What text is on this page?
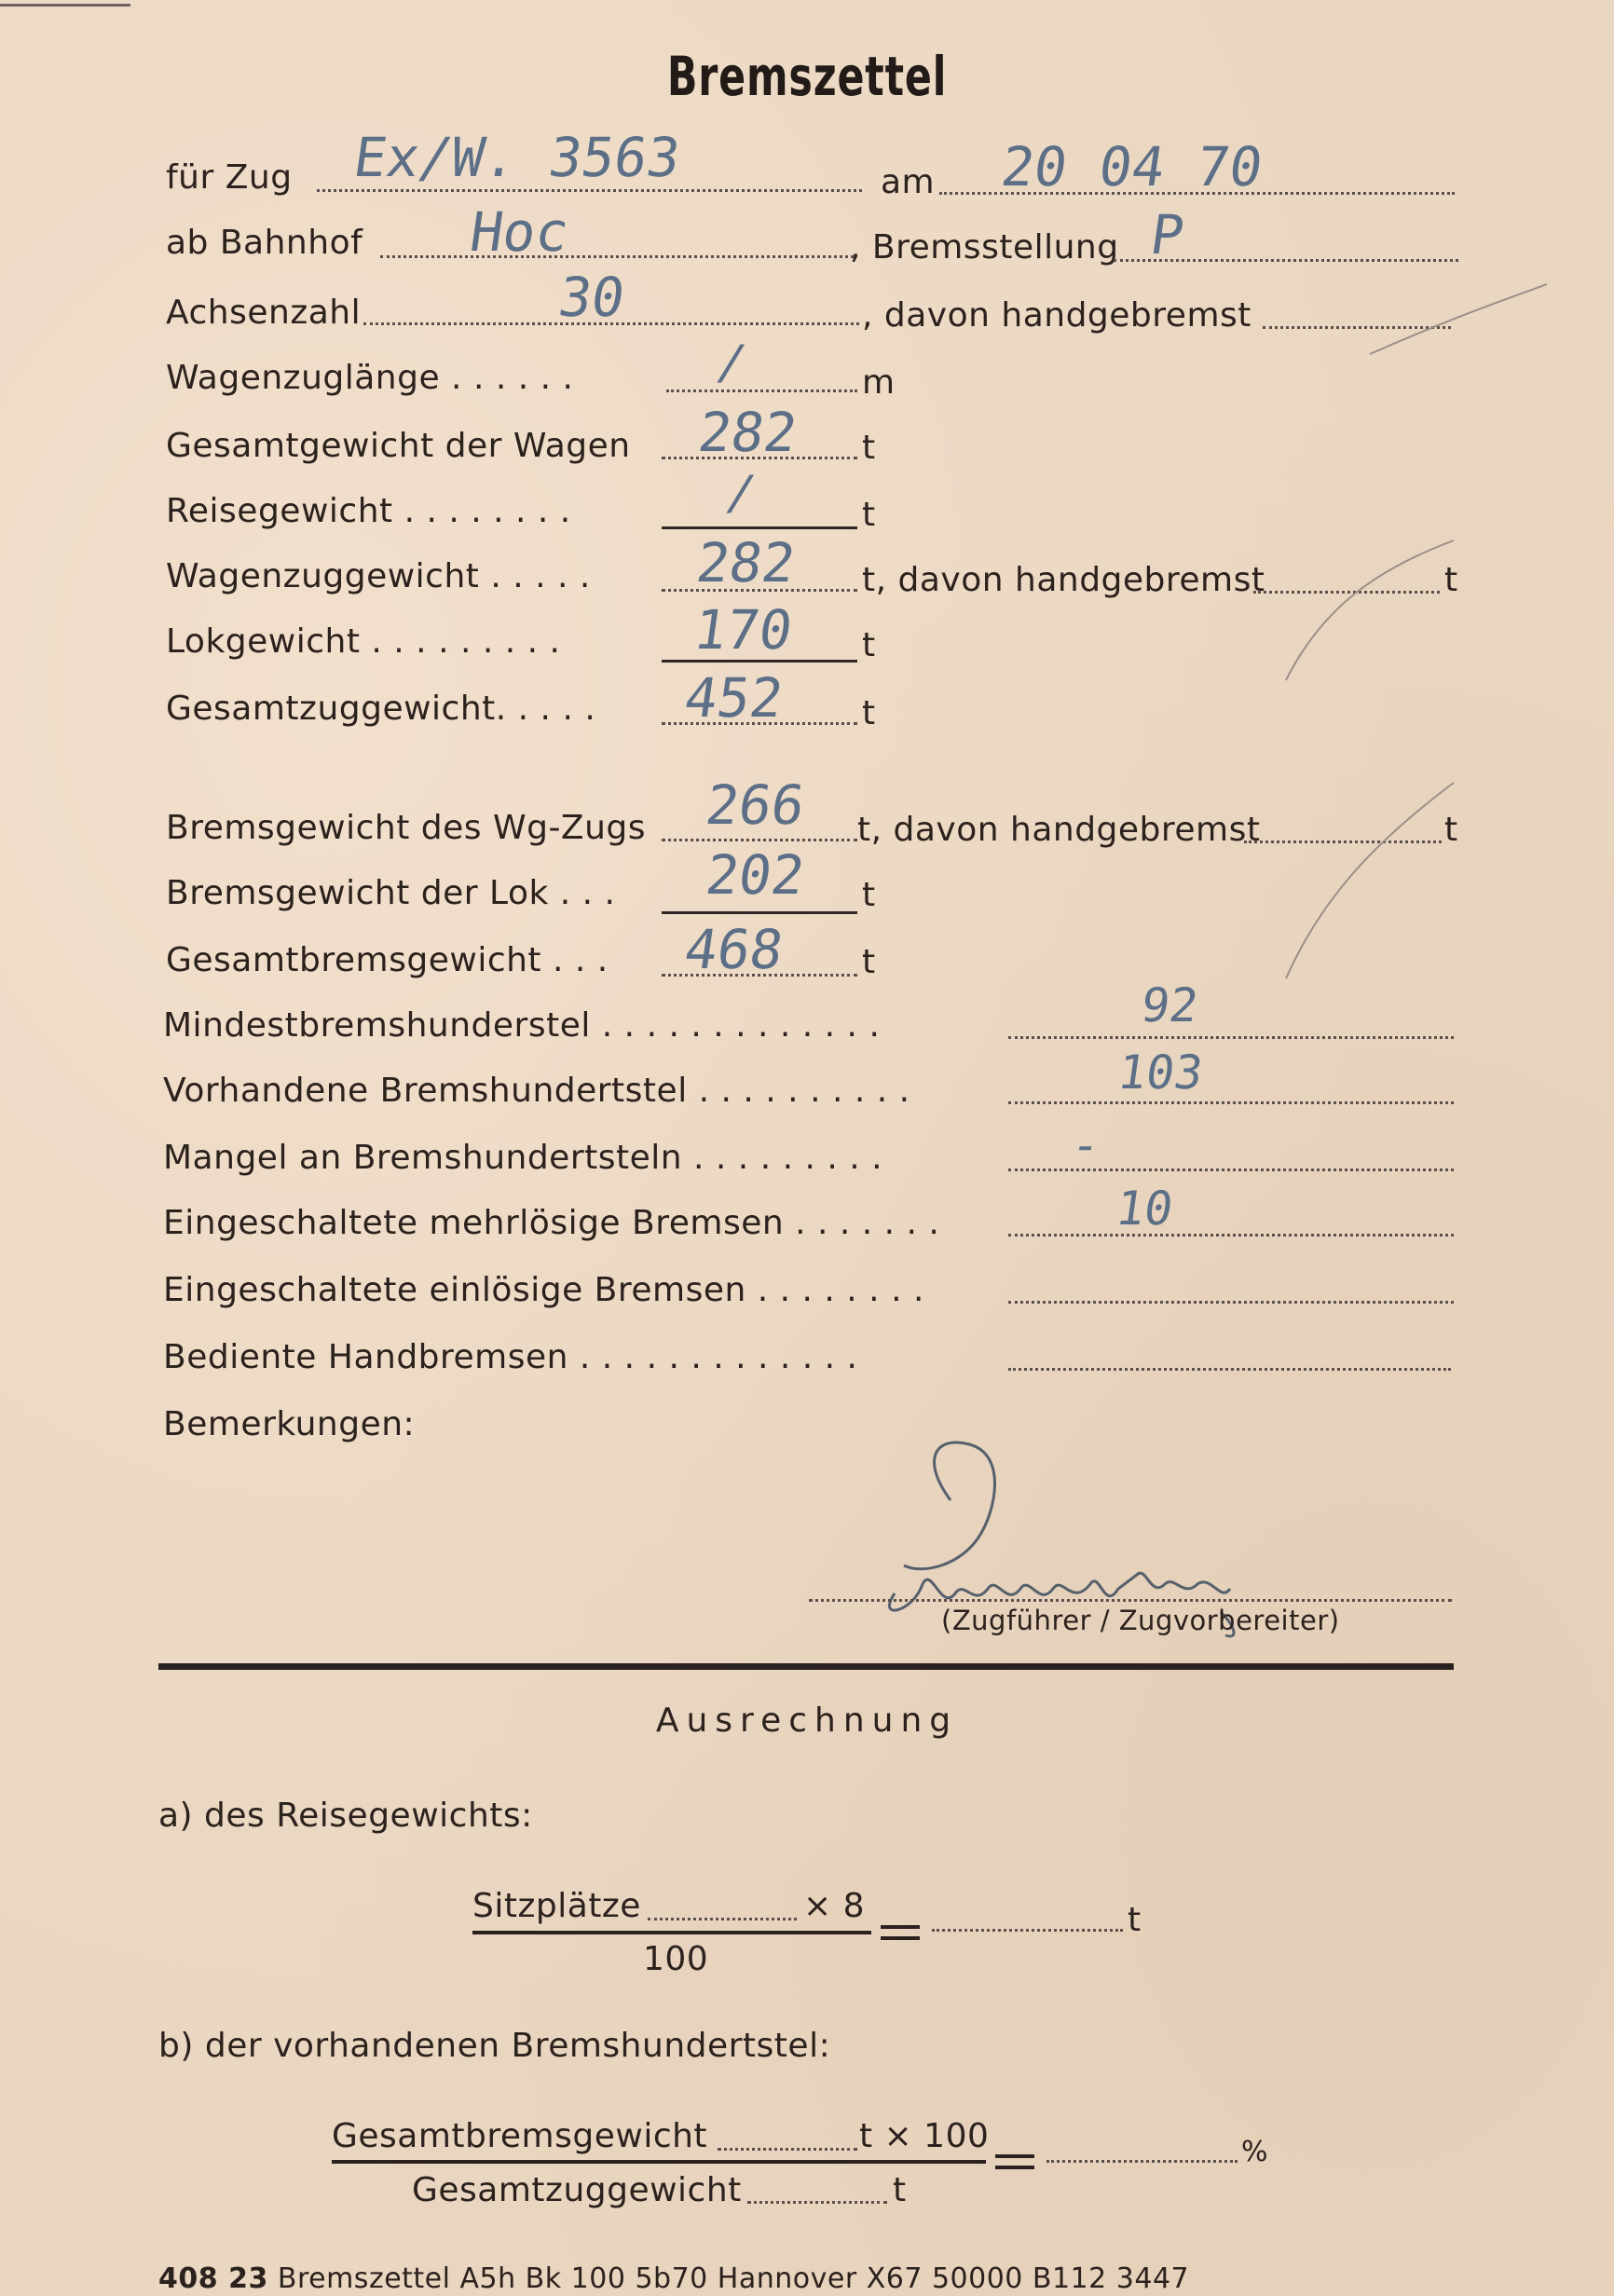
Bremszettel
für Zug Ex/W. 3563	am 20 04 70
ab Bahnhof Hoc	, Bremsstellung P
Achsenzahl	30	, davon handgebremst
Wagenzuglänge . . . . . .	/	m
Gesamtgewicht der Wagen 282 t
Reisegewicht . . . . . . . .	/	t
Wagenzuggewicht . . . . . 282 t, davon handgebremst	t
Lokgewicht . . . . . . . . . 170 t
Gesamtzuggewicht. . . . . 452 t
Bremsgewicht des Wg-Zugs 266 t, davon handgebremst	t
Bremsgewicht der Lok . . . 202 t
Gesamtbremsgewicht . . . 468 t
Mindestbremshunderstel . . . . . . . . . . . . .	92
Vorhandene Bremshundertstel . . . . . . . . . .	103
Mangel an Bremshundertsteln . . . . . . . . .	-
Eingeschaltete mehrlösige Bremsen . . . . . . .	10
Eingeschaltete einlösige Bremsen . . . . . . . .
Bediente Handbremsen . . . . . . . . . . . . .
Bemerkungen:
(Zugführer / Zugvorbereiter)
Ausrechnung
a) des Reisegewichts:
Sitzplätze	× 8
100
t
b) der vorhandenen Bremshundertstel:
Gesamtbremsgewicht	t × 100
Gesamtzuggewicht	t
%
408 23 Bremszettel A5h Bk 100 5b70 Hannover X67 50000 B112 3447
